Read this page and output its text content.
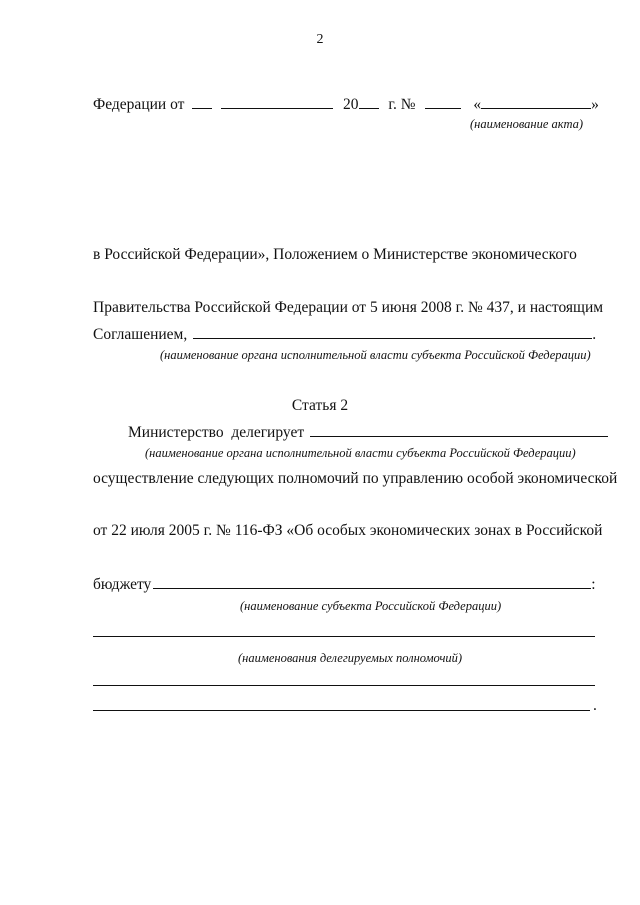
2
Федерации от	20 г. №	«	»
(наименование акта)
в Российской Федерации», Положением о Министерстве экономического
Правительства Российской Федерации от 5 июня 2008 г. № 437, и настоящим
Соглашением,	.
(наименование органа исполнительной власти субъекта Российской Федерации)
Статья 2
Министерство  делегирует
(наименование органа исполнительной власти субъекта Российской Федерации)
осуществление следующих полномочий по управлению особой экономической
от 22 июля 2005 г. № 116-ФЗ «Об особых экономических зонах в Российской
бюджету	:
(наименование субъекта Российской Федерации)
(наименования делегируемых полномочий)
.
